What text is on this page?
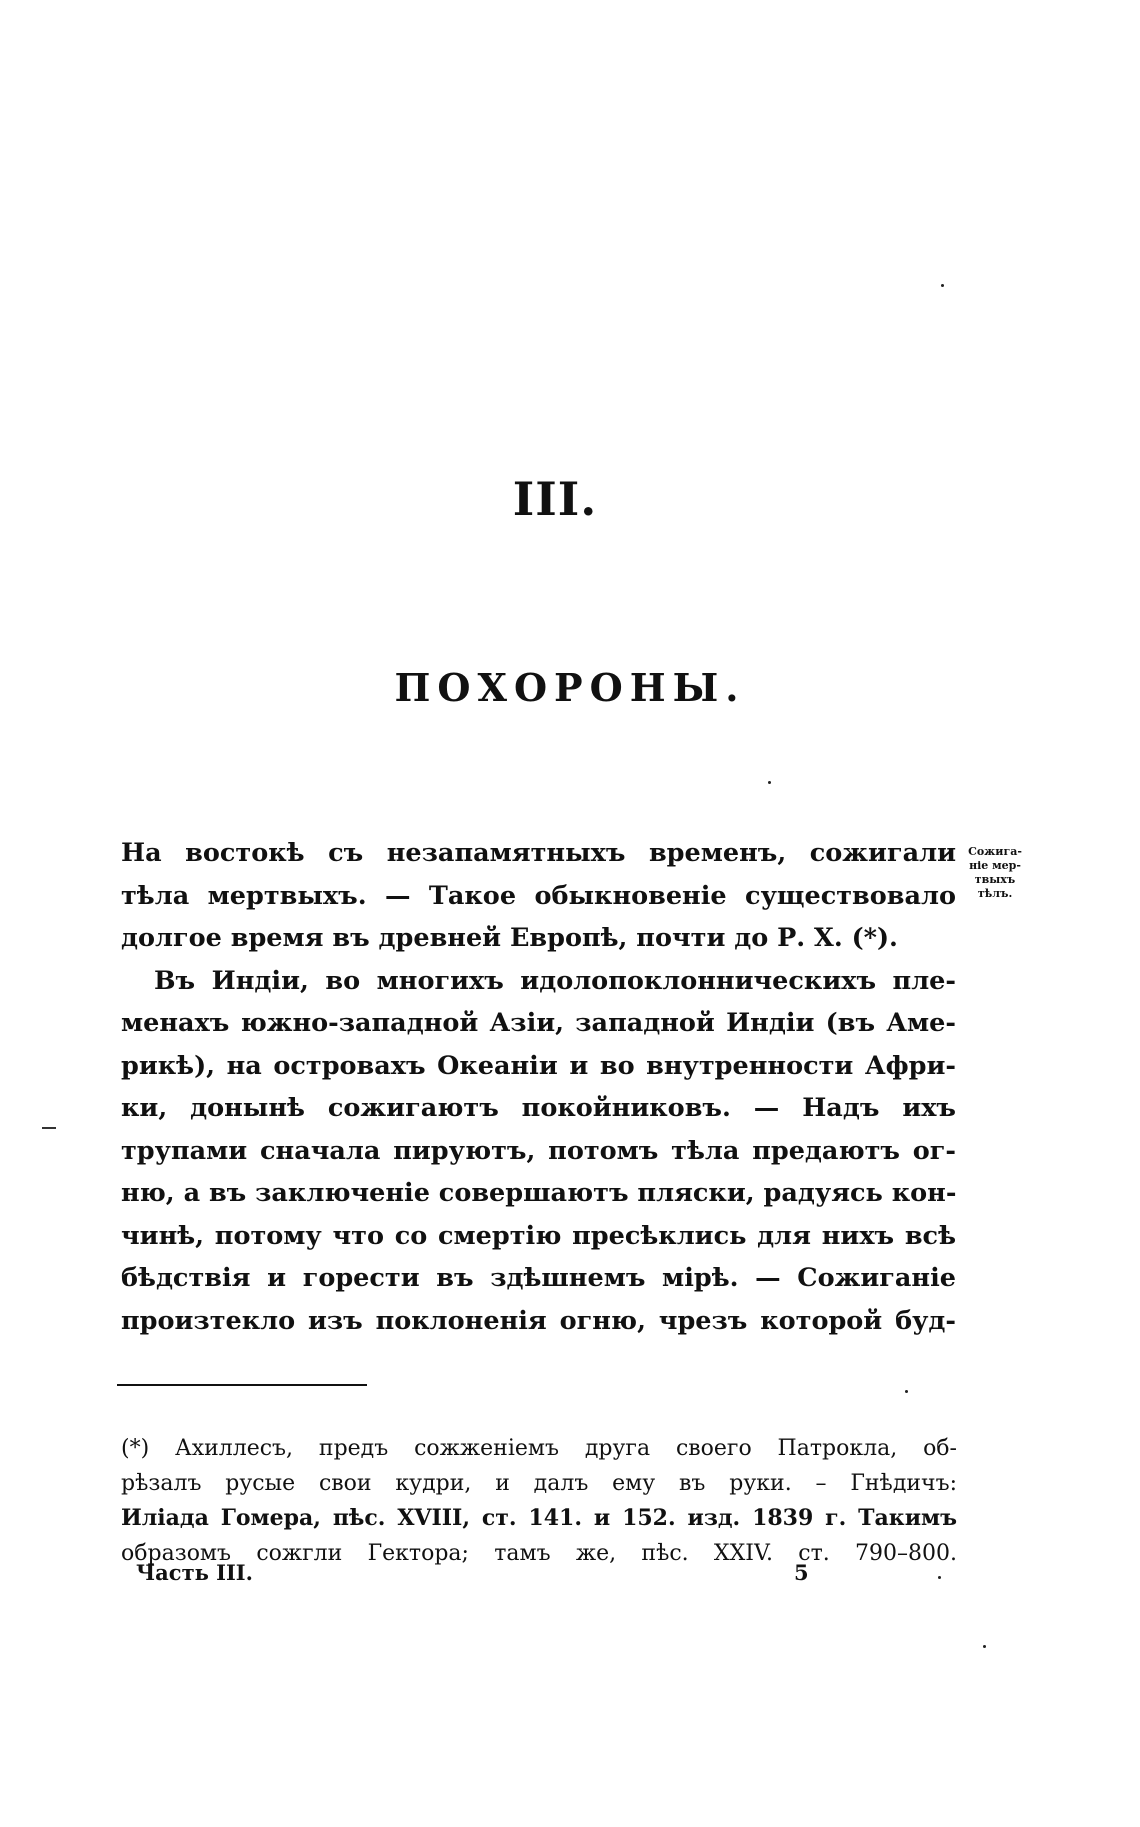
III.
ПОХОРОНЫ.
На востокѣ съ незапамятныхъ временъ, сожигали
тѣла мертвыхъ. — Такое обыкновеніе существовало
долгое время въ древней Европѣ, почти до Р. Х. (*).
Въ Индіи, во многихъ идолопоклонническихъ пле-
менахъ южно-западной Азіи, западной Индіи (въ Аме-
рикѣ), на островахъ Океаніи и во внутренности Афри-
ки, донынѣ сожигаютъ покойниковъ. — Надъ ихъ
трупами сначала пируютъ, потомъ тѣла предаютъ ог-
ню, а въ заключеніе совершаютъ пляски, радуясь кон-
чинѣ, потому что со смертію пресѣклись для нихъ всѣ
бѣдствія и горести въ здѣшнемъ мірѣ. — Сожиганіе
произтекло изъ поклоненія огню, чрезъ которой буд-
Сожига-
ніе мер-
твыхъ
тѣлъ.
(*) Ахиллесъ, предъ сожженіемъ друга своего Патрокла, об-
рѣзалъ русые свои кудри, и далъ ему въ руки. – Гнѣдичъ:
Иліада Гомера, пѣс. XVIII, ст. 141. и 152. изд. 1839 г. Такимъ
образомъ сожгли Гектора; тамъ же, пѣс. XXIV. ст. 790–800.
Часть III.	5
